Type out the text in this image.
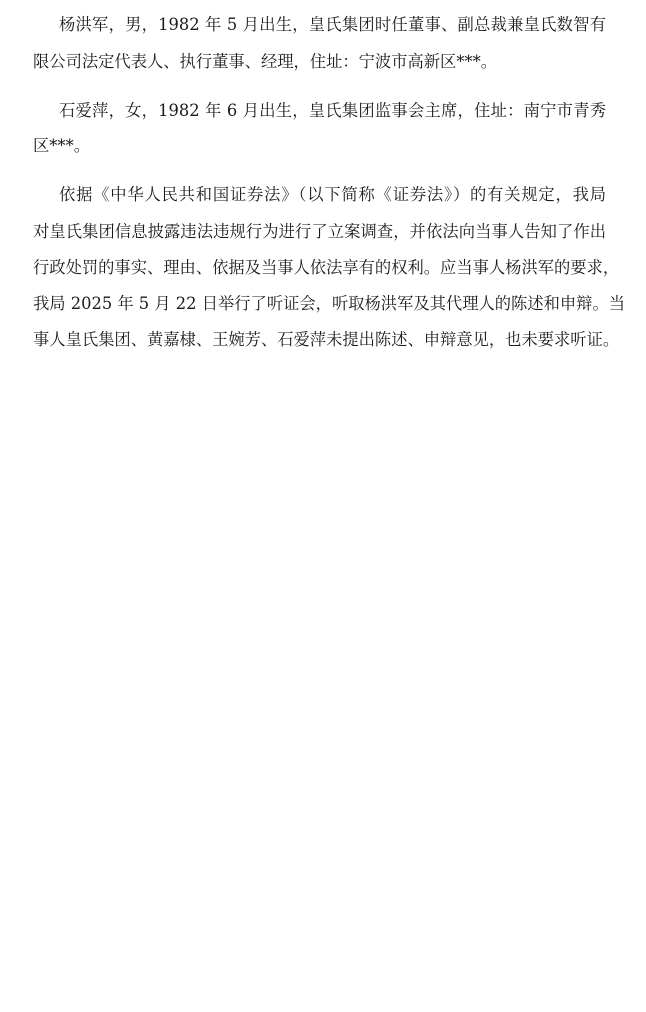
杨洪军，男，1982 年 5 月出生，皇氏集团时任董事、副总裁兼皇氏数智有
限公司法定代表人、执行董事、经理，住址：宁波市高新区***。
石爱萍，女，1982 年 6 月出生，皇氏集团监事会主席，住址：南宁市青秀
区***。
依据《中华人民共和国证券法》（以下简称《证券法》）的有关规定，我局
对皇氏集团信息披露违法违规行为进行了立案调查，并依法向当事人告知了作出
行政处罚的事实、理由、依据及当事人依法享有的权利。应当事人杨洪军的要求，
我局 2025 年 5 月 22 日举行了听证会，听取杨洪军及其代理人的陈述和申辩。当
事人皇氏集团、黄嘉棣、王婉芳、石爱萍未提出陈述、申辩意见，也未要求听证。
